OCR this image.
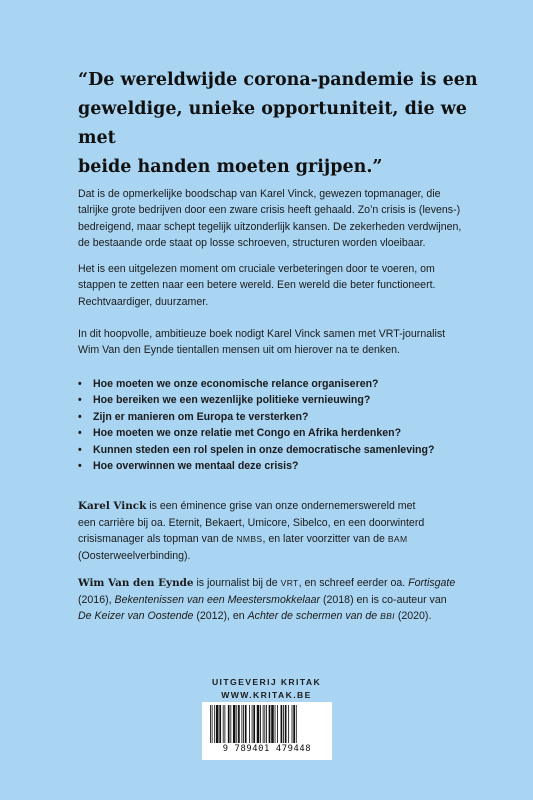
“De wereldwijde corona-pandemie is een
geweldige, unieke opportuniteit, die we met
beide handen moeten grijpen.”

Dat is de opmerkelijke boodschap van Karel Vinck, gewezen topmanager, die
talrijke grote bedrijven door een zware crisis heeft gehaald. Zo’n crisis is (levens-)
bedreigend, maar schept tegelijk uitzonderlijk kansen. De zekerheden verdwijnen,
de bestaande orde staat op losse schroeven, structuren worden vloeibaar.

Het is een uitgelezen moment om cruciale verbeteringen door te voeren, om
stappen te zetten naar een betere wereld. Een wereld die beter functioneert.
Rechtvaardiger, duurzamer.

In dit hoopvolle, ambitieuze boek nodigt Karel Vinck samen met VRT-journalist
Wim Van den Eynde tientallen mensen uit om hierover na te denken.

• Hoe moeten we onze economische relance organiseren?
• Hoe bereiken we een wezenlijke politieke vernieuwing?
• Zijn er manieren om Europa te versterken?
• Hoe moeten we onze relatie met Congo en Afrika herdenken?
• Kunnen steden een rol spelen in onze democratische samenleving?
• Hoe overwinnen we mentaal deze crisis?

Karel Vinck is een éminence grise van onze ondernemerswereld met
een carrière bij oa. Eternit, Bekaert, Umicore, Sibelco, en een doorwinterd
crisismanager als topman van de NMBS, en later voorzitter van de BAM
(Oosterweelverbinding).

Wim Van den Eynde is journalist bij de VRT, en schreef eerder oa. Fortisgate
(2016), Bekentenissen van een Meestersmokkelaar (2018) en is co-auteur van
De Keizer van Oostende (2012), en Achter de schermen van de BBI (2020).

UITGEVERIJ KRITAK
WWW.KRITAK.BE

9 789401 479448
